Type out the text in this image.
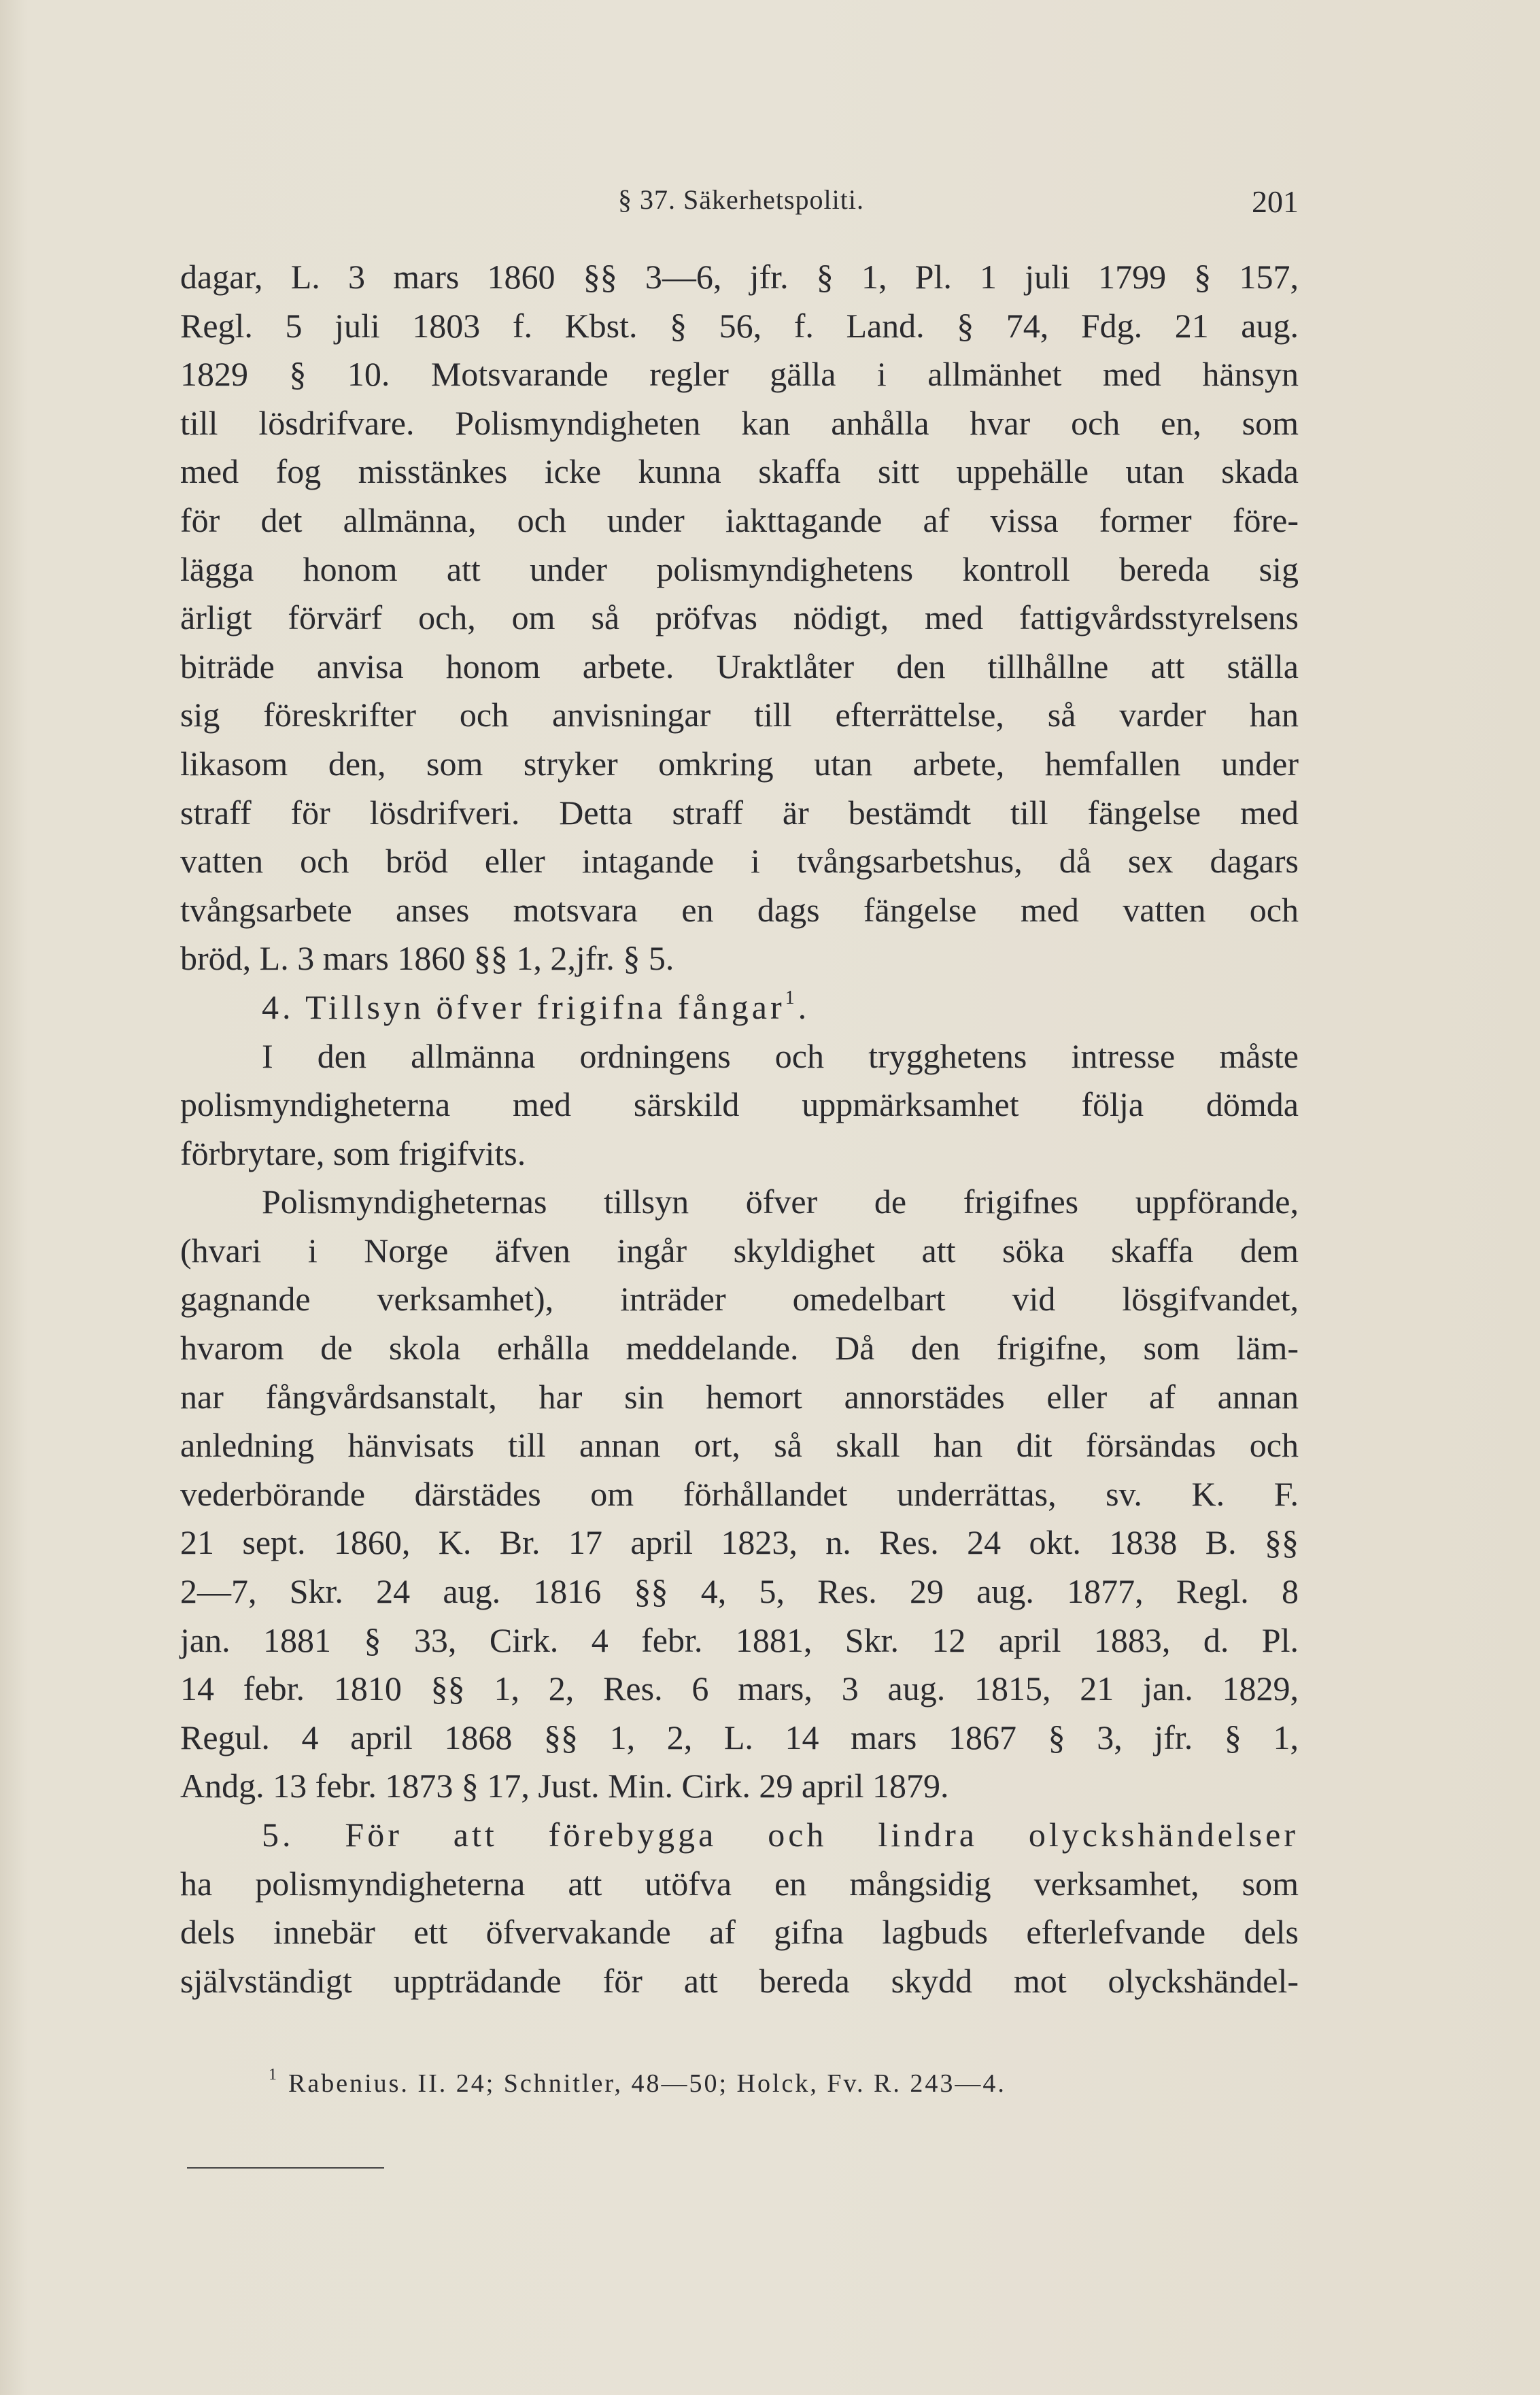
§ 37. Säkerhetspoliti.	201
dagar, L. 3 mars 1860 §§ 3—6, jfr. § 1, Pl. 1 juli 1799 § 157,
Regl. 5 juli 1803 f. Kbst. § 56, f. Land. § 74, Fdg. 21 aug.
1829 § 10. Motsvarande regler gälla i allmänhet med hänsyn
till lösdrifvare. Polismyndigheten kan anhålla hvar och en, som
med fog misstänkes icke kunna skaffa sitt uppehälle utan skada
för det allmänna, och under iakttagande af vissa former före-
lägga honom att under polismyndighetens kontroll bereda sig
ärligt förvärf och, om så pröfvas nödigt, med fattigvårdsstyrelsens
biträde anvisa honom arbete. Uraktlåter den tillhållne att ställa
sig föreskrifter och anvisningar till efterrättelse, så varder han
likasom den, som stryker omkring utan arbete, hemfallen under
straff för lösdrifveri. Detta straff är bestämdt till fängelse med
vatten och bröd eller intagande i tvångsarbetshus, då sex dagars
tvångsarbete anses motsvara en dags fängelse med vatten och
bröd, L. 3 mars 1860 §§ 1, 2,jfr. § 5.
4. Tillsyn öfver frigifna fångar$^1$.
I den allmänna ordningens och trygghetens intresse måste
polismyndigheterna med särskild uppmärksamhet följa dömda
förbrytare, som frigifvits.
Polismyndigheternas tillsyn öfver de frigifnes uppförande,
(hvari i Norge äfven ingår skyldighet att söka skaffa dem
gagnande verksamhet), inträder omedelbart vid lösgifvandet,
hvarom de skola erhålla meddelande. Då den frigifne, som läm-
nar fångvårdsanstalt, har sin hemort annorstädes eller af annan
anledning hänvisats till annan ort, så skall han dit försändas och
vederbörande därstädes om förhållandet underrättas, sv. K. F.
21 sept. 1860, K. Br. 17 april 1823, n. Res. 24 okt. 1838 B. §§
2—7, Skr. 24 aug. 1816 §§ 4, 5, Res. 29 aug. 1877, Regl. 8
jan. 1881 § 33, Cirk. 4 febr. 1881, Skr. 12 april 1883, d. Pl.
14 febr. 1810 §§ 1, 2, Res. 6 mars, 3 aug. 1815, 21 jan. 1829,
Regul. 4 april 1868 §§ 1, 2, L. 14 mars 1867 § 3, jfr. § 1,
Andg. 13 febr. 1873 § 17, Just. Min. Cirk. 29 april 1879.
5. För att förebygga och lindra olyckshändelser
ha polismyndigheterna att utöfva en mångsidig verksamhet, som
dels innebär ett öfvervakande af gifna lagbuds efterlefvande dels
självständigt uppträdande för att bereda skydd mot olyckshändel-
$^1$ Rabenius. II. 24; Schnitler, 48—50; Holck, Fv. R. 243—4.
